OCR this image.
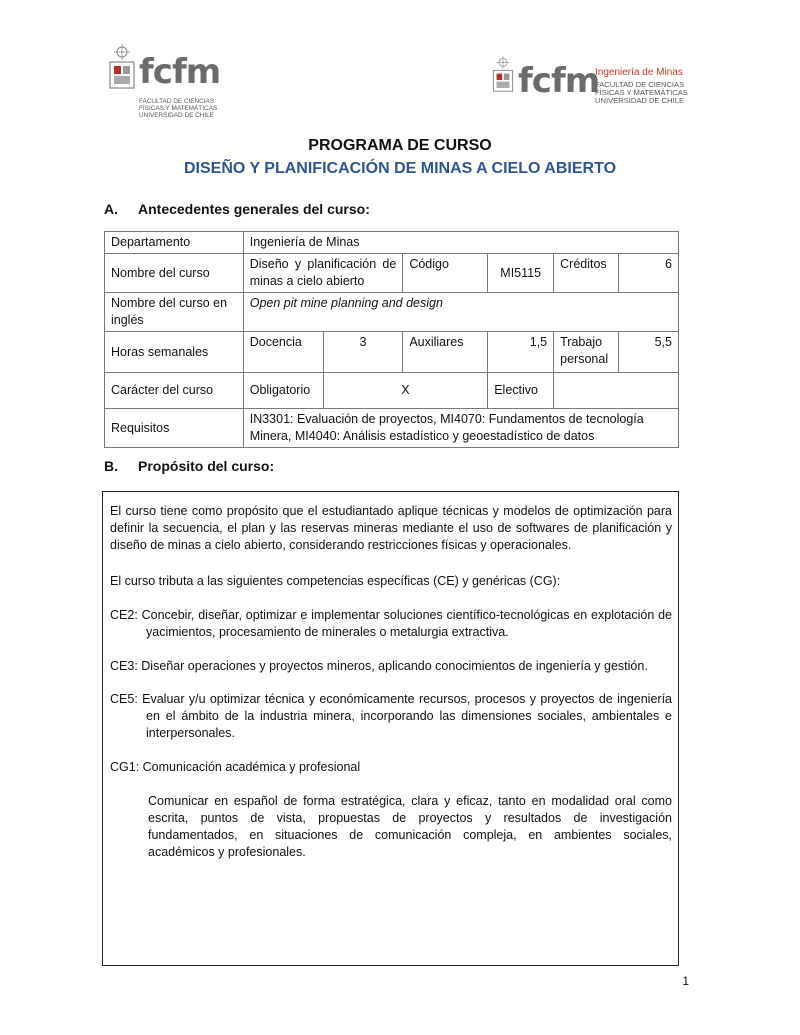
fcfm
FACULTAD DE CIENCIAS
FÍSICAS Y MATEMÁTICAS
UNIVERSIDAD DE CHILE
fcfm
Ingeniería de Minas
FACULTAD DE CIENCIAS
FÍSICAS Y MATEMÁTICAS
UNIVERSIDAD DE CHILE
PROGRAMA DE CURSO
DISEÑO Y PLANIFICACIÓN DE MINAS A CIELO ABIERTO
A. Antecedentes generales del curso:
Departamento	Ingeniería de Minas					
Nombre del curso	Diseño y planificación de minas a cielo abierto		Código	MI5115	Créditos	6
Nombre del curso en inglés	Open pit mine planning and design					
Horas semanales	Docencia	3	Auxiliares	1,5	Trabajo personal	5,5
Carácter del curso	Obligatorio	X		Electivo		
Requisitos	IN3301: Evaluación de proyectos, MI4070: Fundamentos de tecnología Minera, MI4040: Análisis estadístico y geoestadístico de datos					
B. Propósito del curso:
El curso tiene como propósito que el estudiantado aplique técnicas y modelos de optimización para definir la secuencia, el plan y las reservas mineras mediante el uso de softwares de planificación y diseño de minas a cielo abierto, considerando restricciones físicas y operacionales.
El curso tributa a las siguientes competencias específicas (CE) y genéricas (CG):
CE2: Concebir, diseñar, optimizar e implementar soluciones científico-tecnológicas en explotación de yacimientos, procesamiento de minerales o metalurgia extractiva.
CE3: Diseñar operaciones y proyectos mineros, aplicando conocimientos de ingeniería y gestión.
CE5: Evaluar y/u optimizar técnica y económicamente recursos, procesos y proyectos de ingeniería en el ámbito de la industria minera, incorporando las dimensiones sociales, ambientales e interpersonales.
CG1: Comunicación académica y profesional
Comunicar en español de forma estratégica, clara y eficaz, tanto en modalidad oral como escrita, puntos de vista, propuestas de proyectos y resultados de investigación fundamentados, en situaciones de comunicación compleja, en ambientes sociales, académicos y profesionales.
1
